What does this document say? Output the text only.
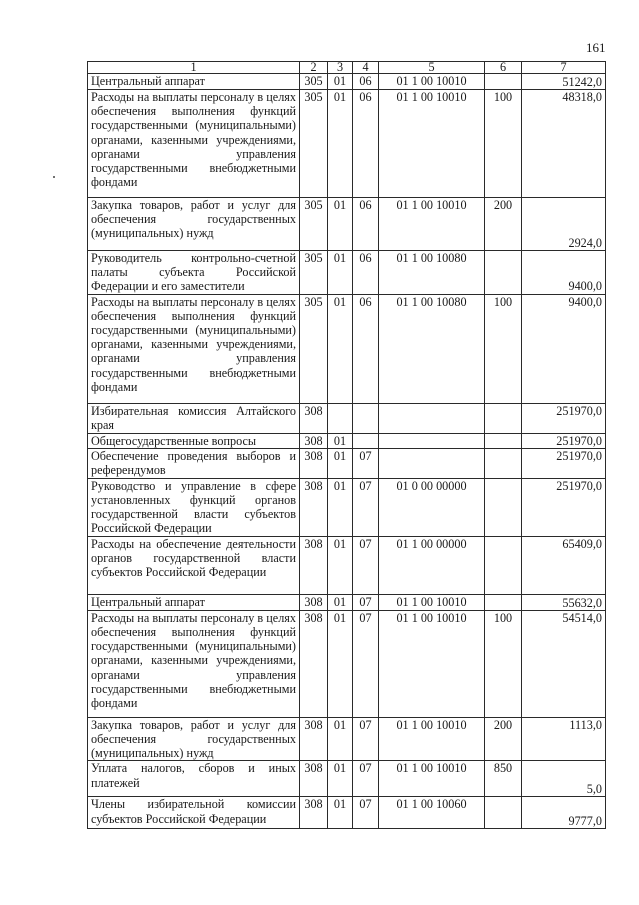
161
1	2	3	4	5	6	7
Центральный аппарат	305	01	06	01 1 00 10010		51242,0
Расходы на выплаты персоналу в целях обеспечения выполнения функций государственными (муниципальными) органами, казенными учреждениями, органами управления государственными внебюджетными фондами	305	01	06	01 1 00 10010	100	48318,0
Закупка товаров, работ и услуг для обеспечения государственных (муниципальных) нужд	305	01	06	01 1 00 10010	200	2924,0
Руководитель контрольно-счетной палаты субъекта Российской Федерации и его заместители	305	01	06	01 1 00 10080		9400,0
Расходы на выплаты персоналу в целях обеспечения выполнения функций государственными (муниципальными) органами, казенными учреждениями, органами управления государственными внебюджетными фондами	305	01	06	01 1 00 10080	100	9400,0
Избирательная комиссия Алтайского края	308					251970,0
Общегосударственные вопросы	308	01				251970,0
Обеспечение проведения выборов и референдумов	308	01	07			251970,0
Руководство и управление в сфере установленных функций органов государственной власти субъектов Российской Федерации	308	01	07	01 0 00 00000		251970,0
Расходы на обеспечение деятельности органов государственной власти субъектов Российской Федерации	308	01	07	01 1 00 00000		65409,0
Центральный аппарат	308	01	07	01 1 00 10010		55632,0
Расходы на выплаты персоналу в целях обеспечения выполнения функций государственными (муниципальными) органами, казенными учреждениями, органами управления государственными внебюджетными фондами	308	01	07	01 1 00 10010	100	54514,0
Закупка товаров, работ и услуг для обеспечения государственных (муниципальных) нужд	308	01	07	01 1 00 10010	200	1113,0
Уплата налогов, сборов и иных платежей	308	01	07	01 1 00 10010	850	5,0
Члены избирательной комиссии субъектов Российской Федерации	308	01	07	01 1 00 10060		9777,0
